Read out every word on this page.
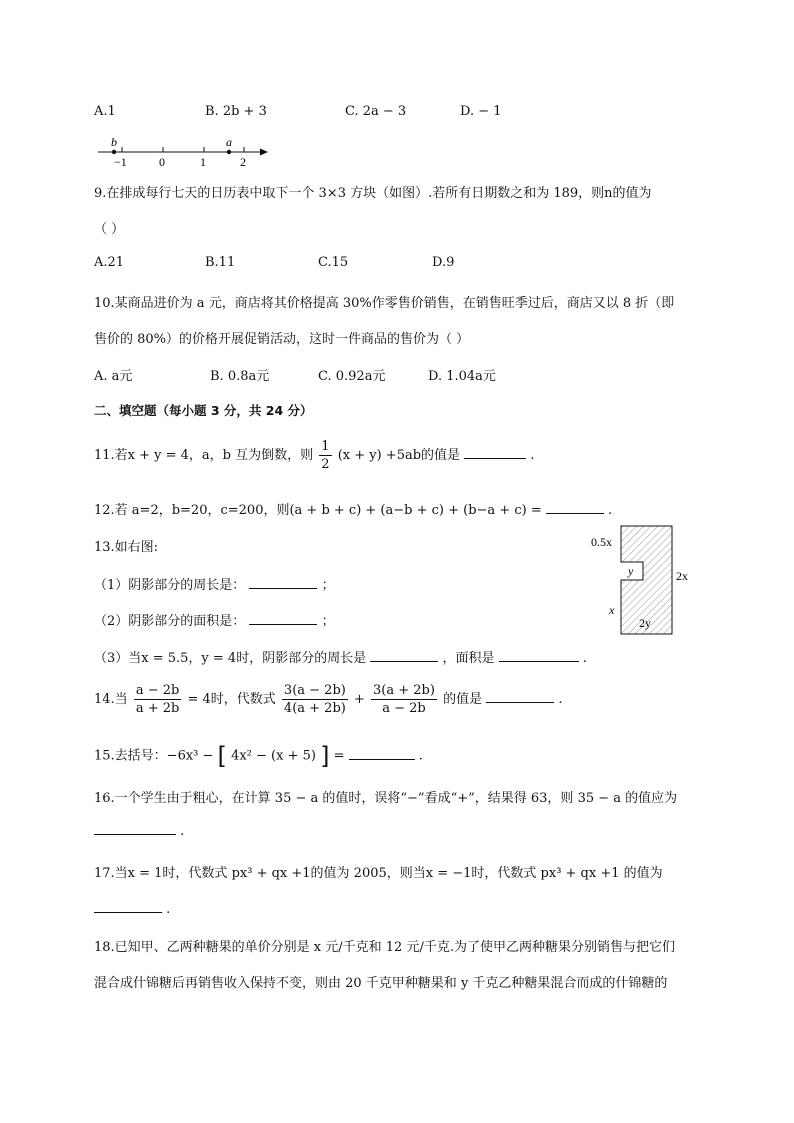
A.1	B. 2b + 3	C. 2a − 3	D. − 1
b	a
−1	0	1	2
9.在排成每行七天的日历表中取下一个 3×3 方块（如图）.若所有日期数之和为 189，则n的值为
（ ）
A.21	B.11	C.15	D.9
10.某商品进价为 a 元，商店将其价格提高 30%作零售价销售，在销售旺季过后，商店又以 8 折（即
售价的 80%）的价格开展促销活动，这时一件商品的售价为（ ）
A. a元	B. 0.8a元	C. 0.92a元	D. 1.04a元
二、填空题（每小题 3 分，共 24 分）
11.若x + y = 4，a，b 互为倒数，则 $\frac{1}{2} (x + y) +5ab$的值是	.
12.若 a=2，b=20，c=200，则(a + b + c) + (a−b + c) + (b−a + c) =	.
13.如右图:
（1）阴影部分的周长是：	；
（2）阴影部分的面积是：	；
（3）当x = 5.5，y = 4时，阴影部分的周长是	，面积是	.
0.5x
y	2x
x
2y
14.当 $\frac{a - 2b}{a + 2b} = 4$时，代数式 $\frac{3(a - 2b)}{4(a + 2b)} + \frac{3(a + 2b)}{a - 2b}$ 的值是	.
15.去括号：−6x³ − [ 4x² − (x + 5) ] =	.
16.一个学生由于粗心，在计算 35 − a 的值时，误将“−”看成“+”，结果得 63，则 35 − a 的值应为
.
17.当x = 1时，代数式 px³ + qx +1的值为 2005，则当x = −1时，代数式 px³ + qx +1 的值为
.
18.已知甲、乙两种糖果的单价分别是 x 元/千克和 12 元/千克.为了使甲乙两种糖果分别销售与把它们
混合成什锦糖后再销售收入保持不变，则由 20 千克甲种糖果和 y 千克乙种糖果混合而成的什锦糖的
